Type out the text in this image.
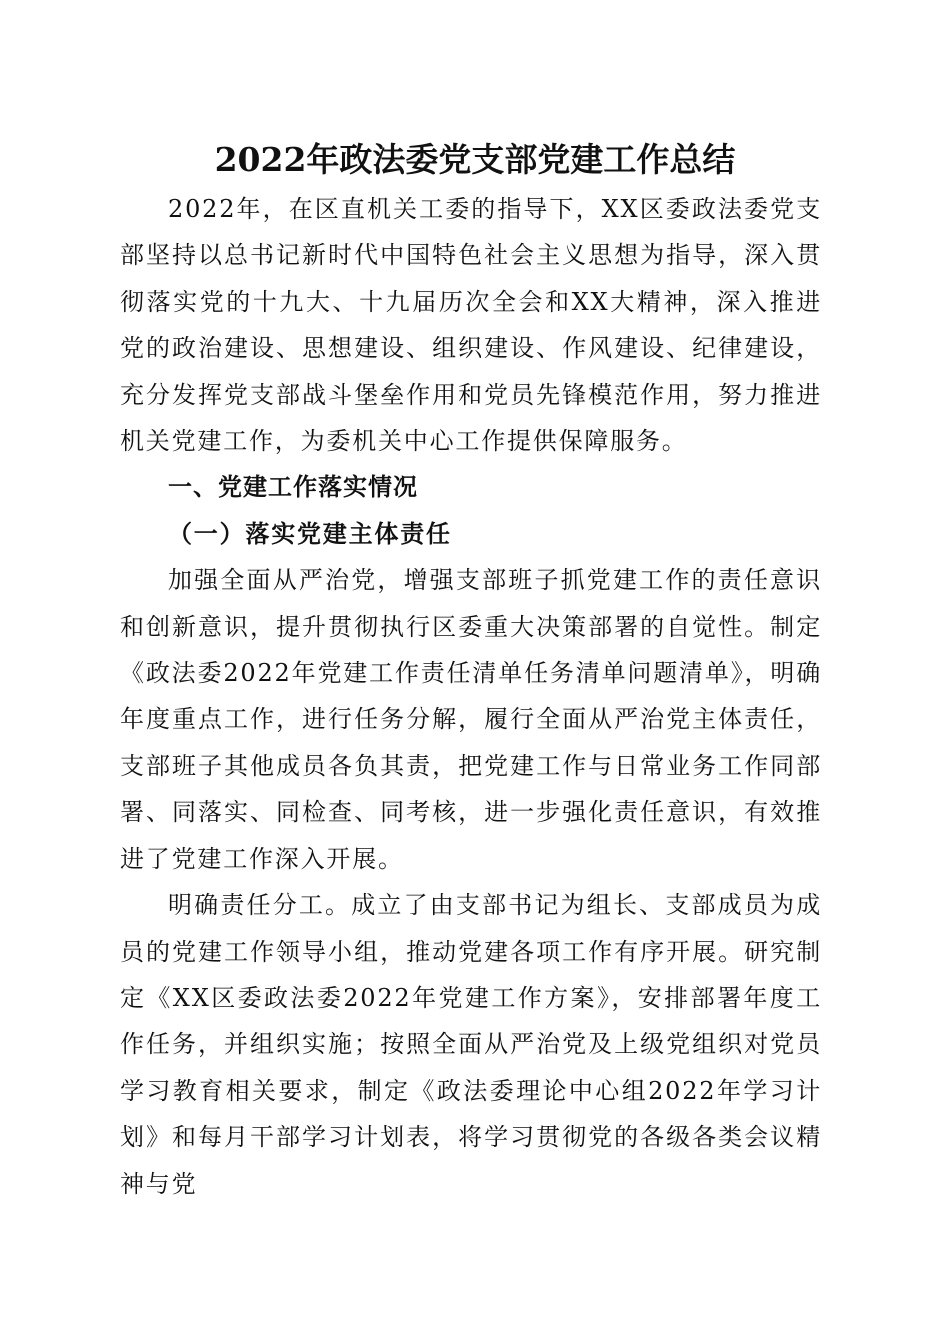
2022年政法委党支部党建工作总结

2022年，在区直机关工委的指导下，XX区委政法委党支部坚持以总书记新时代中国特色社会主义思想为指导，深入贯彻落实党的十九大、十九届历次全会和XX大精神，深入推进党的政治建设、思想建设、组织建设、作风建设、纪律建设，充分发挥党支部战斗堡垒作用和党员先锋模范作用，努力推进机关党建工作，为委机关中心工作提供保障服务。

一、党建工作落实情况

（一）落实党建主体责任

加强全面从严治党，增强支部班子抓党建工作的责任意识和创新意识，提升贯彻执行区委重大决策部署的自觉性。制定《政法委2022年党建工作责任清单任务清单问题清单》，明确年度重点工作，进行任务分解，履行全面从严治党主体责任，支部班子其他成员各负其责，把党建工作与日常业务工作同部署、同落实、同检查、同考核，进一步强化责任意识，有效推进了党建工作深入开展。

明确责任分工。成立了由支部书记为组长、支部成员为成员的党建工作领导小组，推动党建各项工作有序开展。研究制定《XX区委政法委2022年党建工作方案》，安排部署年度工作任务，并组织实施；按照全面从严治党及上级党组织对党员学习教育相关要求，制定《政法委理论中心组2022年学习计划》和每月干部学习计划表，将学习贯彻党的各级各类会议精神与党
